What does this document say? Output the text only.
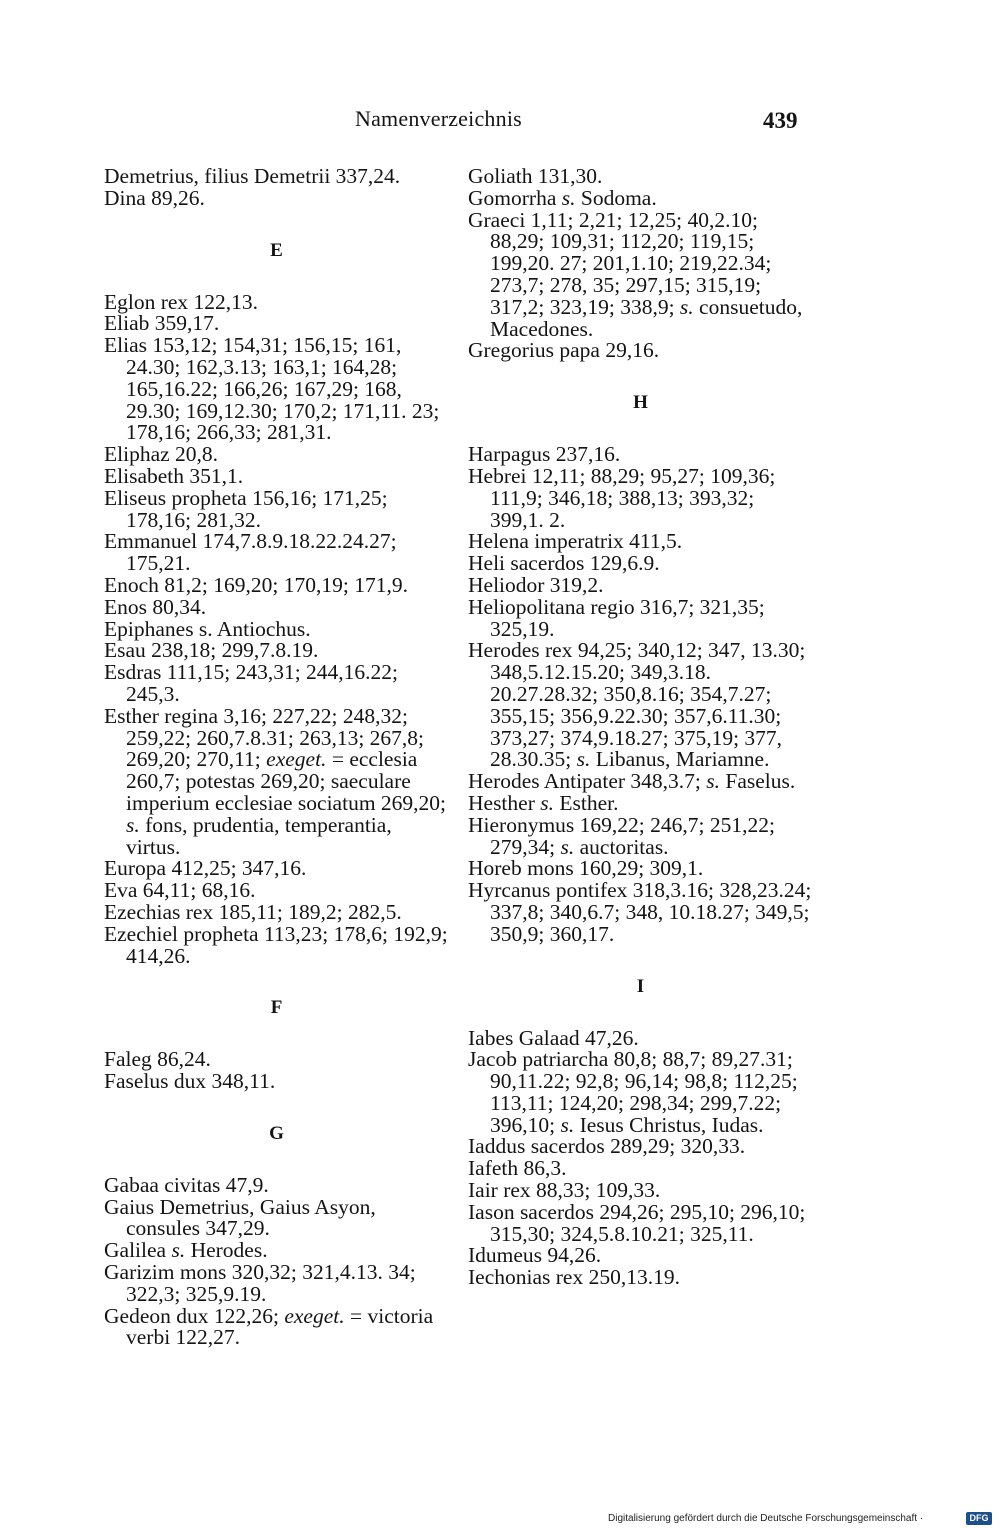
Namenverzeichnis	439

Demetrius, filius Demetrii 337,24.

Dina 89,26.

E

Eglon rex 122,13.

Eliab 359,17.

Elias 153,12; 154,31; 156,15; 161, 24.30; 162,3.13; 163,1; 164,28; 165,16.22; 166,26; 167,29; 168, 29.30; 169,12.30; 170,2; 171,11. 23; 178,16; 266,33; 281,31.

Eliphaz 20,8.

Elisabeth 351,1.

Eliseus propheta 156,16; 171,25; 178,16; 281,32.

Emmanuel 174,7.8.9.18.22.24.27; 175,21.

Enoch 81,2; 169,20; 170,19; 171,9.

Enos 80,34.

Epiphanes s. Antiochus.

Esau 238,18; 299,7.8.19.

Esdras 111,15; 243,31; 244,16.22; 245,3.

Esther regina 3,16; 227,22; 248,32; 259,22; 260,7.8.31; 263,13; 267,8; 269,20; 270,11; exeget. = ecclesia 260,7; potestas 269,20; saeculare imperium ecclesiae sociatum 269,20; s. fons, prudentia, temperantia, virtus.

Europa 412,25; 347,16.

Eva 64,11; 68,16.

Ezechias rex 185,11; 189,2; 282,5.

Ezechiel propheta 113,23; 178,6; 192,9; 414,26.

F

Faleg 86,24.

Faselus dux 348,11.

G

Gabaa civitas 47,9.

Gaius Demetrius, Gaius Asyon, consules 347,29.

Galilea s. Herodes.

Garizim mons 320,32; 321,4.13. 34; 322,3; 325,9.19.

Gedeon dux 122,26; exeget. = victoria verbi 122,27.

Goliath 131,30.

Gomorrha s. Sodoma.

Graeci 1,11; 2,21; 12,25; 40,2.10; 88,29; 109,31; 112,20; 119,15; 199,20. 27; 201,1.10; 219,22.34; 273,7; 278, 35; 297,15; 315,19; 317,2; 323,19; 338,9; s. consuetudo, Macedones.

Gregorius papa 29,16.

H

Harpagus 237,16.

Hebrei 12,11; 88,29; 95,27; 109,36; 111,9; 346,18; 388,13; 393,32; 399,1. 2.

Helena imperatrix 411,5.

Heli sacerdos 129,6.9.

Heliodor 319,2.

Heliopolitana regio 316,7; 321,35; 325,19.

Herodes rex 94,25; 340,12; 347, 13.30; 348,5.12.15.20; 349,3.18. 20.27.28.32; 350,8.16; 354,7.27; 355,15; 356,9.22.30; 357,6.11.30; 373,27; 374,9.18.27; 375,19; 377, 28.30.35; s. Libanus, Mariamne.

Herodes Antipater 348,3.7; s. Faselus.

Hesther s. Esther.

Hieronymus 169,22; 246,7; 251,22; 279,34; s. auctoritas.

Horeb mons 160,29; 309,1.

Hyrcanus pontifex 318,3.16; 328,23.24; 337,8; 340,6.7; 348, 10.18.27; 349,5; 350,9; 360,17.

I

Iabes Galaad 47,26.

Jacob patriarcha 80,8; 88,7; 89,27.31; 90,11.22; 92,8; 96,14; 98,8; 112,25; 113,11; 124,20; 298,34; 299,7.22; 396,10; s. Iesus Christus, Iudas.

Iaddus sacerdos 289,29; 320,33.

Iafeth 86,3.

Iair rex 88,33; 109,33.

Iason sacerdos 294,26; 295,10; 296,10; 315,30; 324,5.8.10.21; 325,11.

Idumeus 94,26.

Iechonias rex 250,13.19.

Digitalisierung gefördert durch die Deutsche Forschungsgemeinschaft ·	DFG
